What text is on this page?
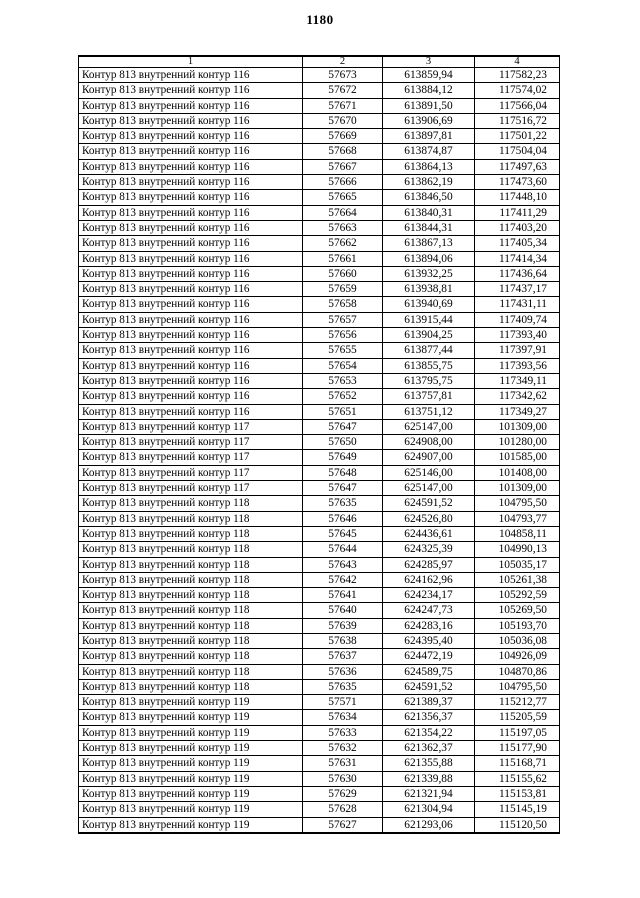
1180
1	2	3	4
Контур 813 внутренний контур 116	57673	613859,94	117582,23
Контур 813 внутренний контур 116	57672	613884,12	117574,02
Контур 813 внутренний контур 116	57671	613891,50	117566,04
Контур 813 внутренний контур 116	57670	613906,69	117516,72
Контур 813 внутренний контур 116	57669	613897,81	117501,22
Контур 813 внутренний контур 116	57668	613874,87	117504,04
Контур 813 внутренний контур 116	57667	613864,13	117497,63
Контур 813 внутренний контур 116	57666	613862,19	117473,60
Контур 813 внутренний контур 116	57665	613846,50	117448,10
Контур 813 внутренний контур 116	57664	613840,31	117411,29
Контур 813 внутренний контур 116	57663	613844,31	117403,20
Контур 813 внутренний контур 116	57662	613867,13	117405,34
Контур 813 внутренний контур 116	57661	613894,06	117414,34
Контур 813 внутренний контур 116	57660	613932,25	117436,64
Контур 813 внутренний контур 116	57659	613938,81	117437,17
Контур 813 внутренний контур 116	57658	613940,69	117431,11
Контур 813 внутренний контур 116	57657	613915,44	117409,74
Контур 813 внутренний контур 116	57656	613904,25	117393,40
Контур 813 внутренний контур 116	57655	613877,44	117397,91
Контур 813 внутренний контур 116	57654	613855,75	117393,56
Контур 813 внутренний контур 116	57653	613795,75	117349,11
Контур 813 внутренний контур 116	57652	613757,81	117342,62
Контур 813 внутренний контур 116	57651	613751,12	117349,27
Контур 813 внутренний контур 117	57647	625147,00	101309,00
Контур 813 внутренний контур 117	57650	624908,00	101280,00
Контур 813 внутренний контур 117	57649	624907,00	101585,00
Контур 813 внутренний контур 117	57648	625146,00	101408,00
Контур 813 внутренний контур 117	57647	625147,00	101309,00
Контур 813 внутренний контур 118	57635	624591,52	104795,50
Контур 813 внутренний контур 118	57646	624526,80	104793,77
Контур 813 внутренний контур 118	57645	624436,61	104858,11
Контур 813 внутренний контур 118	57644	624325,39	104990,13
Контур 813 внутренний контур 118	57643	624285,97	105035,17
Контур 813 внутренний контур 118	57642	624162,96	105261,38
Контур 813 внутренний контур 118	57641	624234,17	105292,59
Контур 813 внутренний контур 118	57640	624247,73	105269,50
Контур 813 внутренний контур 118	57639	624283,16	105193,70
Контур 813 внутренний контур 118	57638	624395,40	105036,08
Контур 813 внутренний контур 118	57637	624472,19	104926,09
Контур 813 внутренний контур 118	57636	624589,75	104870,86
Контур 813 внутренний контур 118	57635	624591,52	104795,50
Контур 813 внутренний контур 119	57571	621389,37	115212,77
Контур 813 внутренний контур 119	57634	621356,37	115205,59
Контур 813 внутренний контур 119	57633	621354,22	115197,05
Контур 813 внутренний контур 119	57632	621362,37	115177,90
Контур 813 внутренний контур 119	57631	621355,88	115168,71
Контур 813 внутренний контур 119	57630	621339,88	115155,62
Контур 813 внутренний контур 119	57629	621321,94	115153,81
Контур 813 внутренний контур 119	57628	621304,94	115145,19
Контур 813 внутренний контур 119	57627	621293,06	115120,50
